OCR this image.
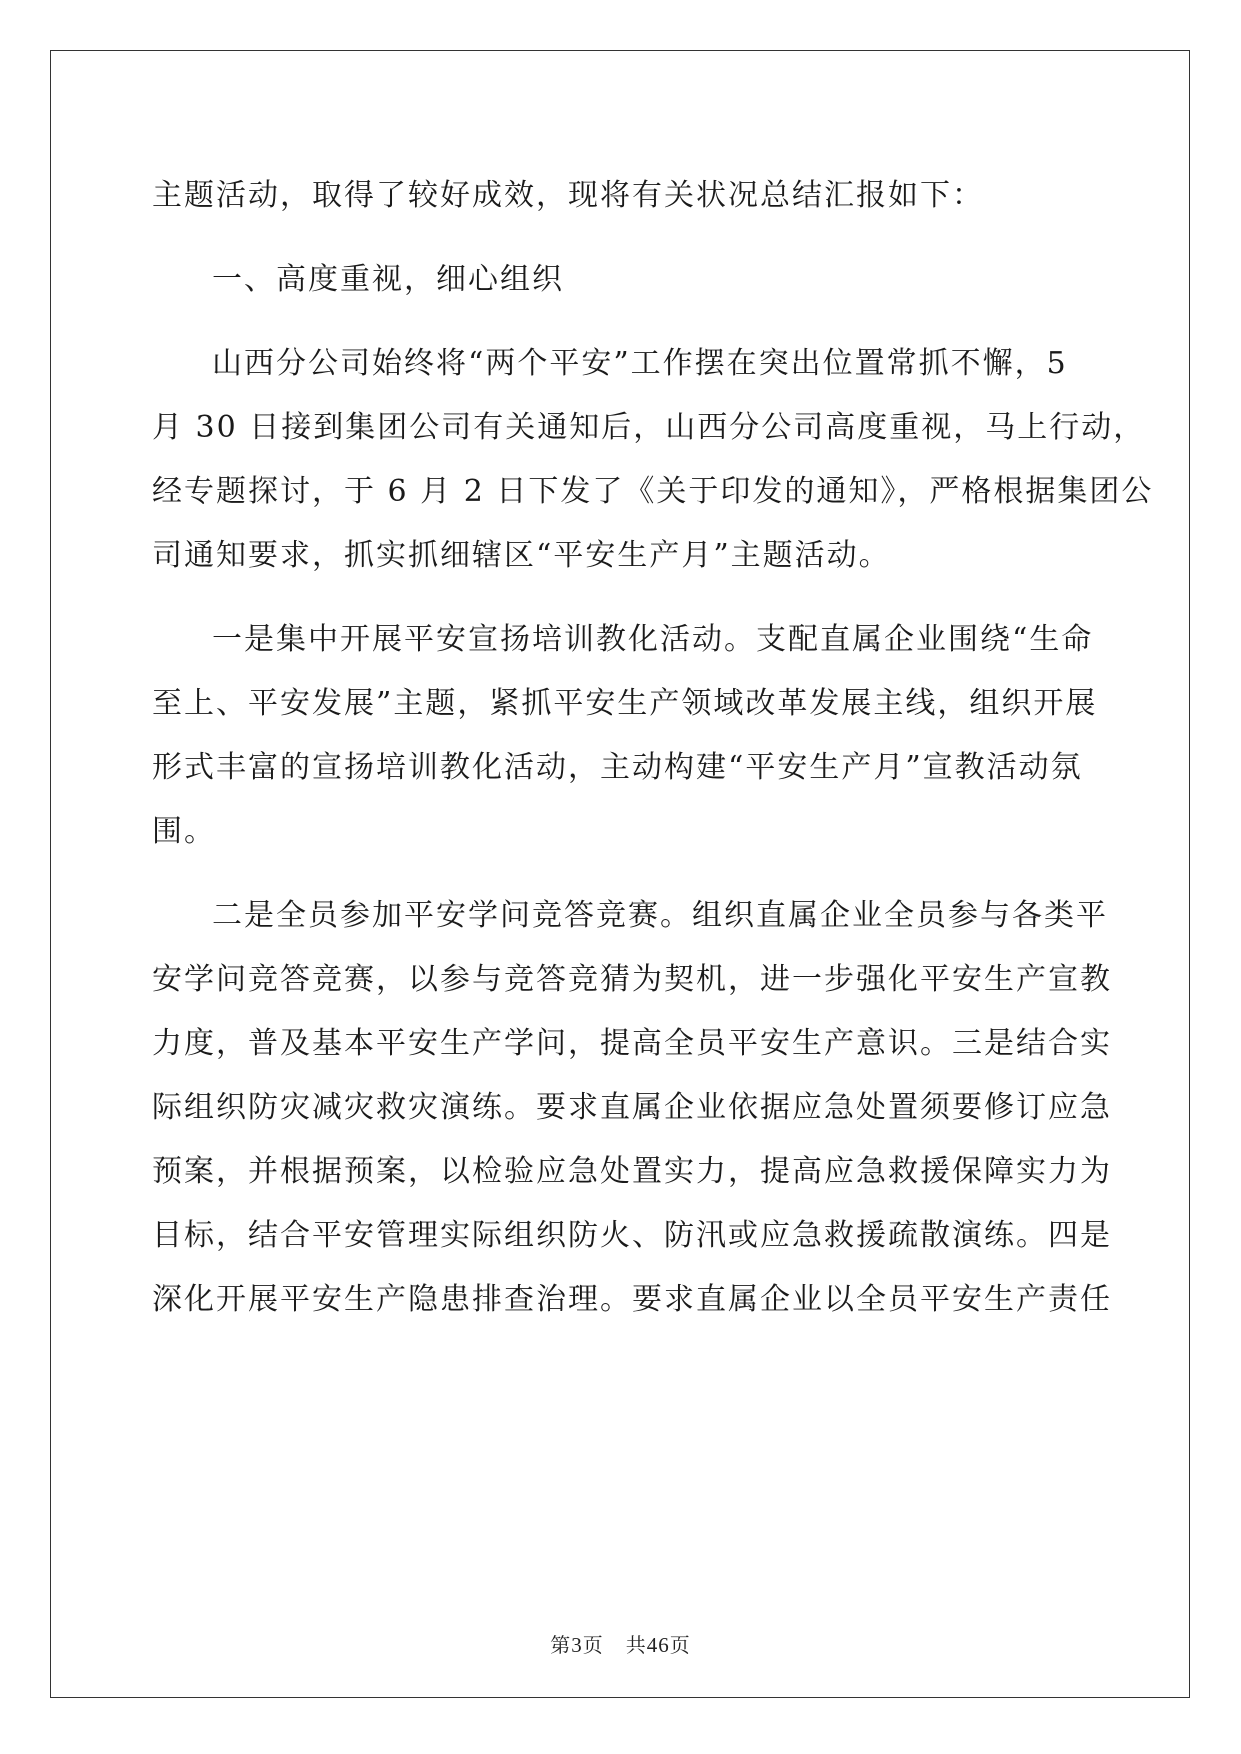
主题活动，取得了较好成效，现将有关状况总结汇报如下：
一、高度重视，细心组织
山西分公司始终将“两个平安”工作摆在突出位置常抓不懈，5
月 30 日接到集团公司有关通知后，山西分公司高度重视，马上行动，
经专题探讨，于 6 月 2 日下发了《关于印发的通知》，严格根据集团公
司通知要求，抓实抓细辖区“平安生产月”主题活动。
一是集中开展平安宣扬培训教化活动。支配直属企业围绕“生命
至上、平安发展”主题，紧抓平安生产领域改革发展主线，组织开展
形式丰富的宣扬培训教化活动，主动构建“平安生产月”宣教活动氛
围。
二是全员参加平安学问竞答竞赛。组织直属企业全员参与各类平
安学问竞答竞赛，以参与竞答竞猜为契机，进一步强化平安生产宣教
力度，普及基本平安生产学问，提高全员平安生产意识。三是结合实
际组织防灾减灾救灾演练。要求直属企业依据应急处置须要修订应急
预案，并根据预案，以检验应急处置实力，提高应急救援保障实力为
目标，结合平安管理实际组织防火、防汛或应急救援疏散演练。四是
深化开展平安生产隐患排查治理。要求直属企业以全员平安生产责任
第3页 共46页
